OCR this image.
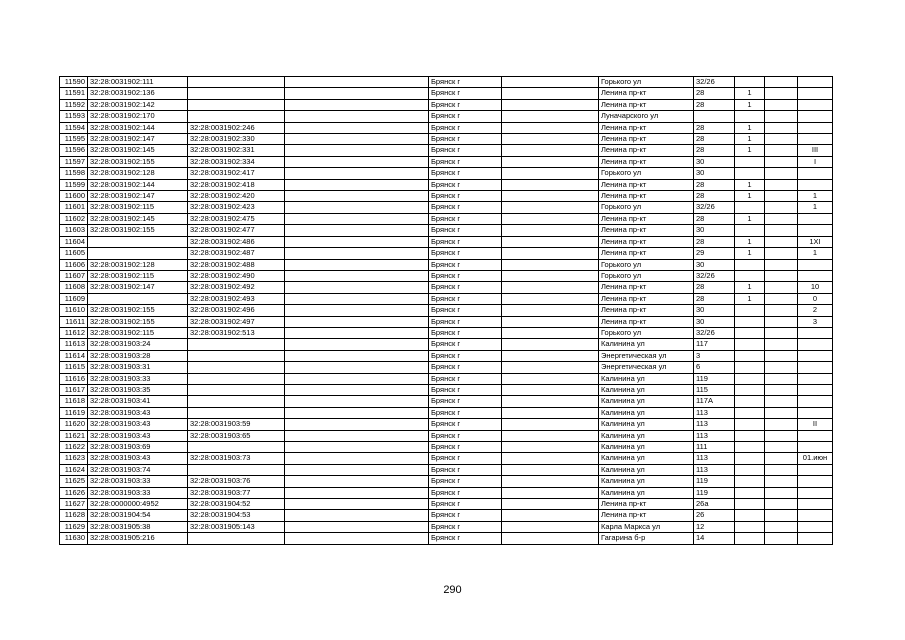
11590	32:28:0031902:111			Брянск г		Горького ул	32/26			
11591	32:28:0031902:136			Брянск г		Ленина пр-кт	28	1		
11592	32:28:0031902:142			Брянск г		Ленина пр-кт	28	1		
11593	32:28:0031902:170			Брянск г		Луначарского ул				
11594	32:28:0031902:144	32:28:0031902:246		Брянск г		Ленина пр-кт	28	1		
11595	32:28:0031902:147	32:28:0031902:330		Брянск г		Ленина пр-кт	28	1		
11596	32:28:0031902:145	32:28:0031902:331		Брянск г		Ленина пр-кт	28	1		III
11597	32:28:0031902:155	32:28:0031902:334		Брянск г		Ленина пр-кт	30			I
11598	32:28:0031902:128	32:28:0031902:417		Брянск г		Горького ул	30			
11599	32:28:0031902:144	32:28:0031902:418		Брянск г		Ленина пр-кт	28	1		
11600	32:28:0031902:147	32:28:0031902:420		Брянск г		Ленина пр-кт	28	1		1
11601	32:28:0031902:115	32:28:0031902:423		Брянск г		Горького ул	32/26			1
11602	32:28:0031902:145	32:28:0031902:475		Брянск г		Ленина пр-кт	28	1		
11603	32:28:0031902:155	32:28:0031902:477		Брянск г		Ленина пр-кт	30			
11604		32:28:0031902:486		Брянск г		Ленина пр-кт	28	1		1XI
11605		32:28:0031902:487		Брянск г		Ленина пр-кт	29	1		1
11606	32:28:0031902:128	32:28:0031902:488		Брянск г		Горького ул	30			
11607	32:28:0031902:115	32:28:0031902:490		Брянск г		Горького ул	32/26			
11608	32:28:0031902:147	32:28:0031902:492		Брянск г		Ленина пр-кт	28	1		10
11609		32:28:0031902:493		Брянск г		Ленина пр-кт	28	1		0
11610	32:28:0031902:155	32:28:0031902:496		Брянск г		Ленина пр-кт	30			2
11611	32:28:0031902:155	32:28:0031902:497		Брянск г		Ленина пр-кт	30			3
11612	32:28:0031902:115	32:28:0031902:513		Брянск г		Горького ул	32/26			
11613	32:28:0031903:24			Брянск г		Калинина ул	117			
11614	32:28:0031903:28			Брянск г		Энергетическая ул	3			
11615	32:28:0031903:31			Брянск г		Энергетическая ул	6			
11616	32:28:0031903:33			Брянск г		Калинина ул	119			
11617	32:28:0031903:35			Брянск г		Калинина ул	115			
11618	32:28:0031903:41			Брянск г		Калинина ул	117А			
11619	32:28:0031903:43			Брянск г		Калинина ул	113			
11620	32:28:0031903:43	32:28:0031903:59		Брянск г		Калинина ул	113			II
11621	32:28:0031903:43	32:28:0031903:65		Брянск г		Калинина ул	113			
11622	32:28:0031903:69			Брянск г		Калинина ул	111			
11623	32:28:0031903:43	32:28:0031903:73		Брянск г		Калинина ул	113			01.июн
11624	32:28:0031903:74			Брянск г		Калинина ул	113			
11625	32:28:0031903:33	32:28:0031903:76		Брянск г		Калинина ул	119			
11626	32:28:0031903:33	32:28:0031903:77		Брянск г		Калинина ул	119			
11627	32:28:0000000:4952	32:28:0031904:52		Брянск г		Ленина пр-кт	26а			
11628	32:28:0031904:54	32:28:0031904:53		Брянск г		Ленина пр-кт	26			
11629	32:28:0031905:38	32:28:0031905:143		Брянск г		Карла Маркса ул	12			
11630	32:28:0031905:216			Брянск г		Гагарина б-р	14			
290
